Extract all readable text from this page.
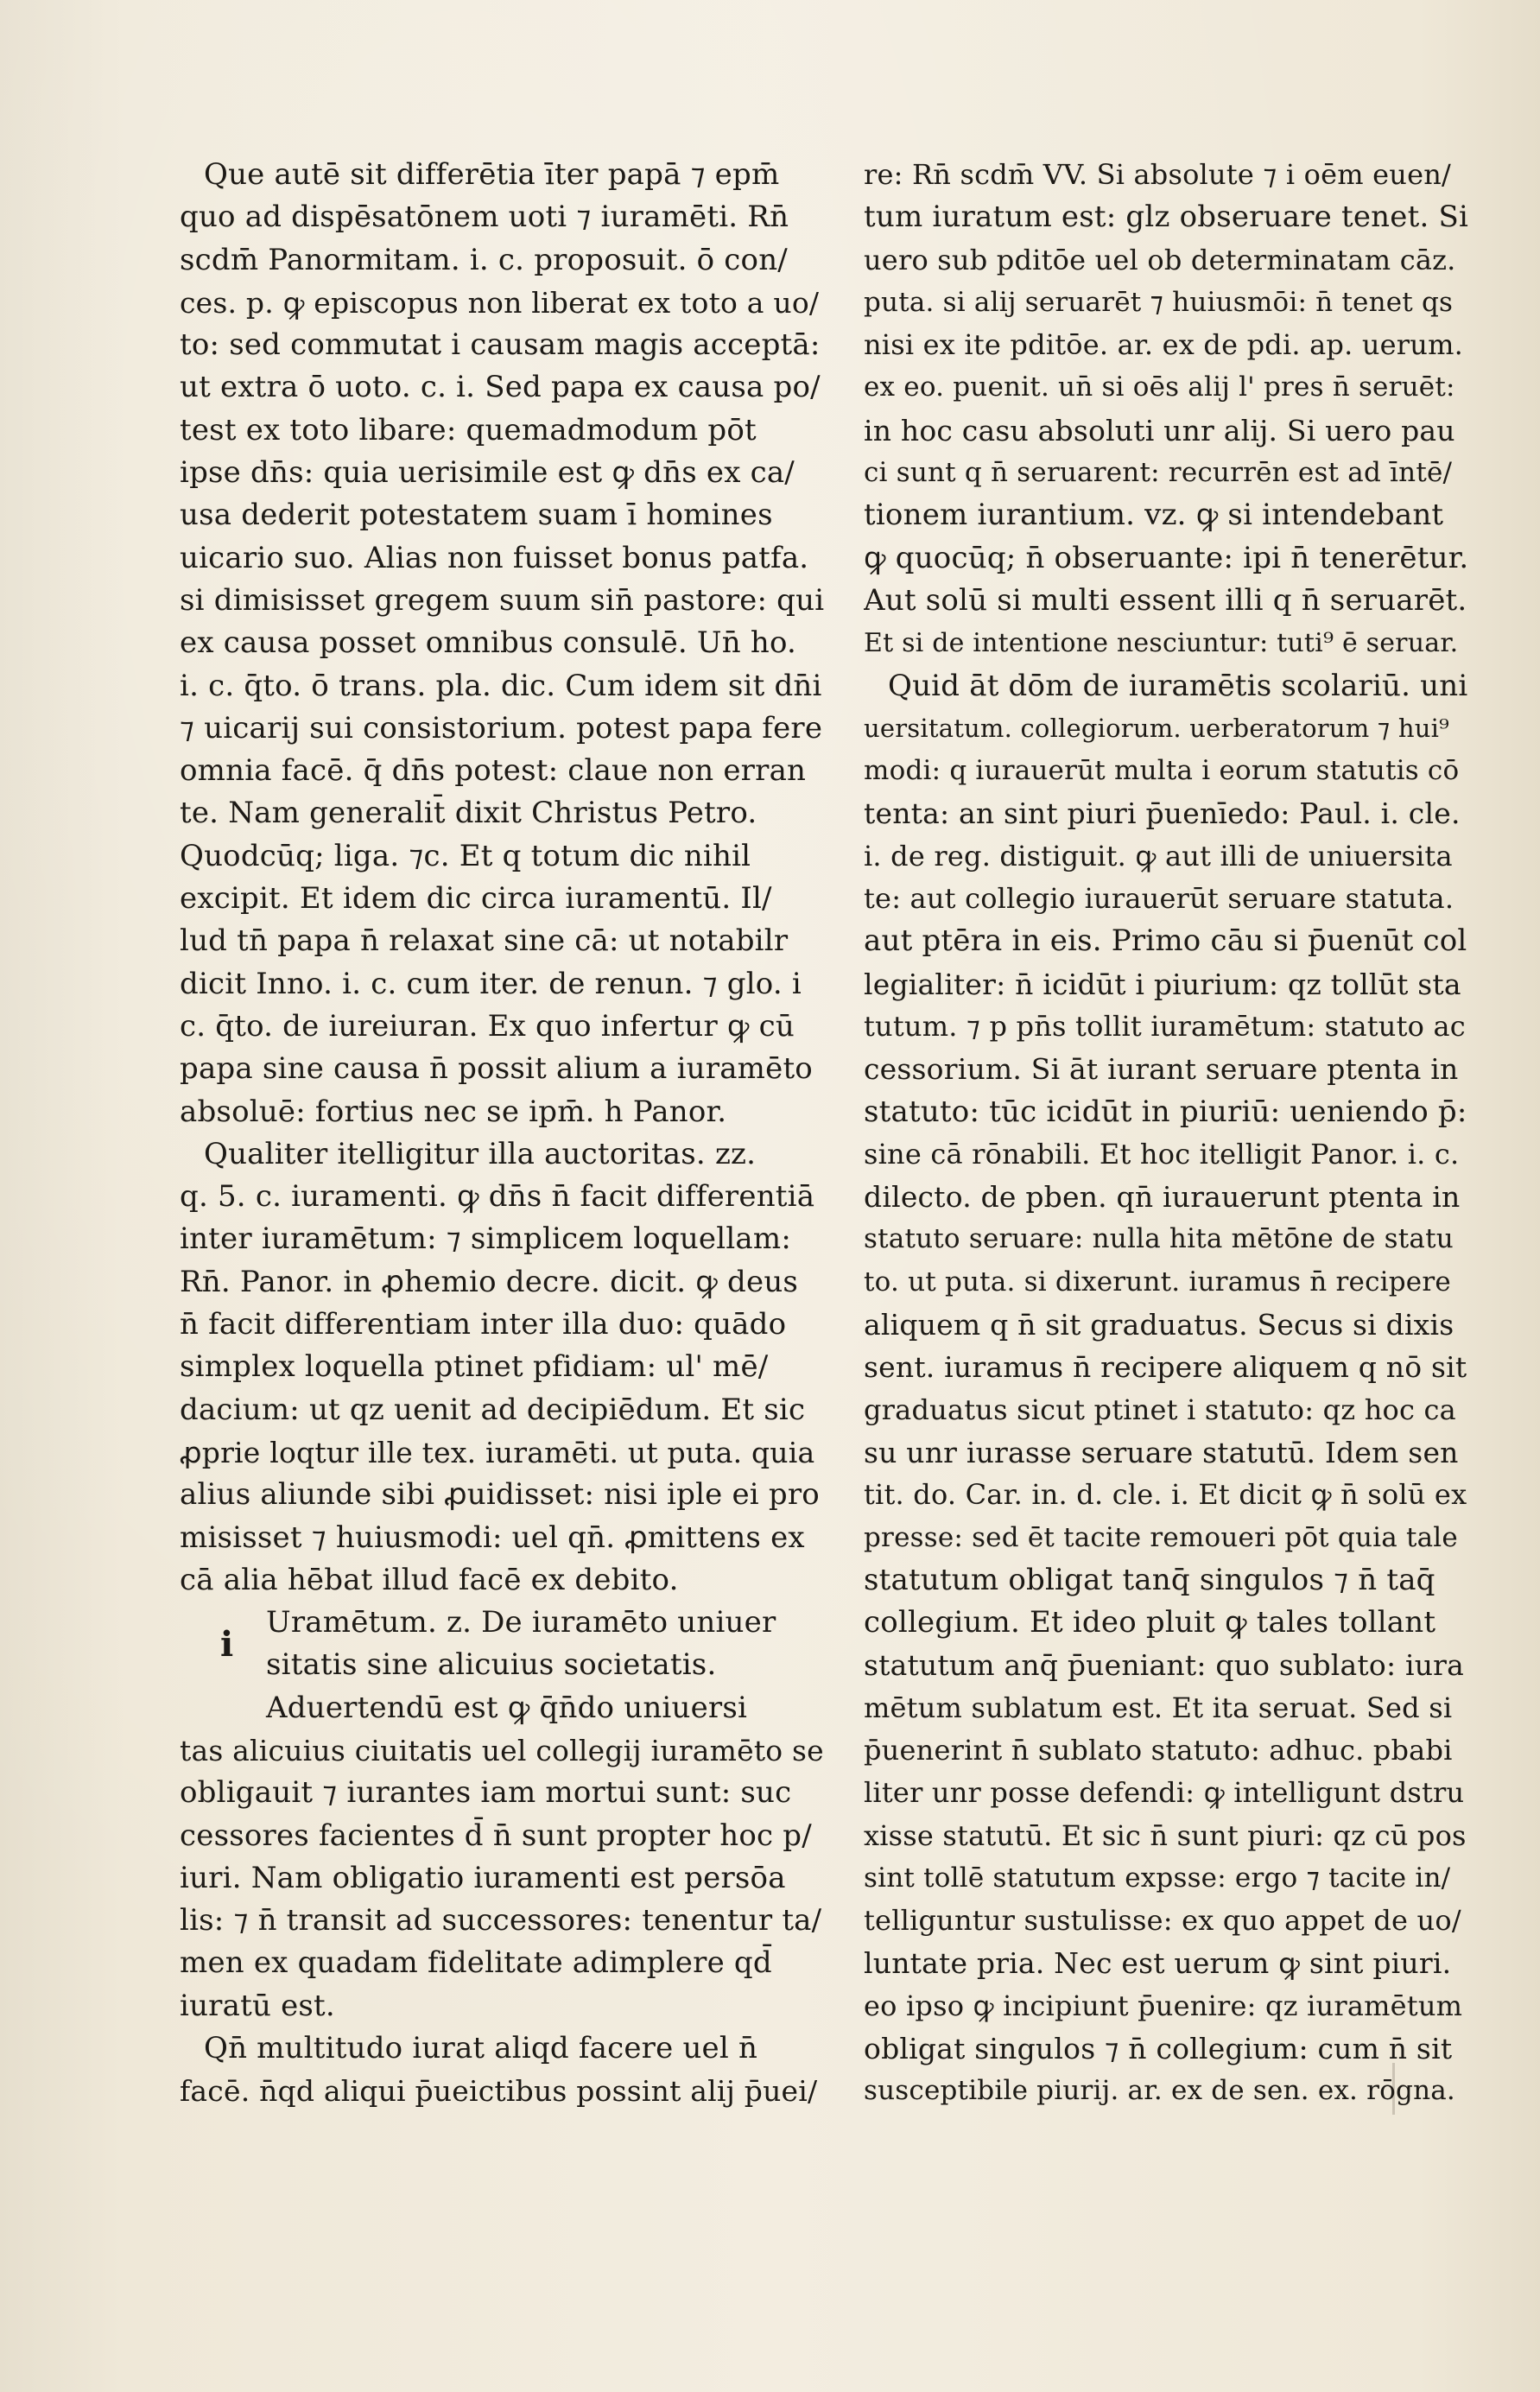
Que autē sit differētia īter papā ⁊ epm̄
quo ad dispēsatōnem uoti ⁊ iuramēti. Rn̄
scdm̄ Panormitam. i. c. proposuit. ō con/
ces. p. ꝙ episcopus non liberat ex toto a uo/
to: sed commutat i causam magis acceptā:
ut extra ō uoto. c. i. Sed papa ex causa po/
test ex toto libare: quemadmodum pōt
ipse dn̄s: quia uerisimile est ꝙ dn̄s ex ca/
usa dederit potestatem suam ī homines
uicario suo. Alias non fuisset bonus patfa.
si dimisisset gregem suum sin̄ pastore: qui
ex causa posset omnibus consulē. Un̄ ho.
i. c. q̄to. ō trans. pla. dic. Cum idem sit dn̄i
⁊ uicarij sui consistorium. potest papa fere
omnia facē. q̄ dn̄s potest: claue non erran
te. Nam generalit̄ dixit Christus Petro.
Quodcūq; liga. ⁊c. Et q totum dic nihil
excipit. Et idem dic circa iuramentū. Il/
lud tn̄ papa n̄ relaxat sine cā: ut notabilr
dicit Inno. i. c. cum iter. de renun. ⁊ glo. i
c. q̄to. de iureiuran. Ex quo infertur ꝙ cū
papa sine causa n̄ possit alium a iuramēto
absoluē: fortius nec se ipm̄. h Panor.
Qualiter itelligitur illa auctoritas. zz.
q. 5. c. iuramenti. ꝙ dn̄s n̄ facit differentiā
inter iuramētum: ⁊ simplicem loquellam:
Rn̄. Panor. in ꝓhemio decre. dicit. ꝙ deus
n̄ facit differentiam inter illa duo: quādo
simplex loquella ptinet pfidiam: ul' mē/
dacium: ut qz uenit ad decipiēdum. Et sic
ꝓprie loqtur ille tex. iuramēti. ut puta. quia
alius aliunde sibi ꝓuidisset: nisi iple ei pro
misisset ⁊ huiusmodi: uel qn̄. ꝓmittens ex
cā alia hēbat illud facē ex debito.
Uramētum. z. De iuramēto uniuer
sitatis sine alicuius societatis.
Aduertendū est ꝙ q̄n̄do uniuersi
tas alicuius ciuitatis uel collegij iuramēto se
obligauit ⁊ iurantes iam mortui sunt: suc
cessores facientes d̄ n̄ sunt propter hoc p/
iuri. Nam obligatio iuramenti est persōa
lis: ⁊ n̄ transit ad successores: tenentur ta/
men ex quadam fidelitate adimplere qd̄
iuratū est.
Qn̄ multitudo iurat aliqd facere uel n̄
facē. n̄qd aliqui p̄ueictibus possint alij p̄uei/
re: Rn̄ scdm̄ VV. Si absolute ⁊ i oēm euen/
tum iuratum est: glz obseruare tenet. Si
uero sub pditōe uel ob determinatam cāz.
puta. si alij seruarēt ⁊ huiusmōi: n̄ tenet qs
nisi ex ite pditōe. ar. ex de pdi. ap. uerum.
ex eo. puenit. un̄ si oēs alij l' pres n̄ seruēt:
in hoc casu absoluti unr alij. Si uero pau
ci sunt q n̄ seruarent: recurrēn est ad īntē/
tionem iurantium. vz. ꝙ si intendebant
ꝙ quocūq; n̄ obseruante: ipi n̄ tenerētur.
Aut solū si multi essent illi q n̄ seruarēt.
Et si de intentione nesciuntur: tuti⁹ ē seruar.
Quid āt dōm de iuramētis scolariū. uni
uersitatum. collegiorum. uerberatorum ⁊ hui⁹
modi: q iurauerūt multa i eorum statutis cō
tenta: an sint piuri p̄uenīedo: Paul. i. cle.
i. de reg. distiguit. ꝙ aut illi de uniuersita
te: aut collegio iurauerūt seruare statuta.
aut ptēra in eis. Primo cāu si p̄uenūt col
legialiter: n̄ icidūt i piurium: qz tollūt sta
tutum. ⁊ p pn̄s tollit iuramētum: statuto ac
cessorium. Si āt iurant seruare ptenta in
statuto: tūc icidūt in piuriū: ueniendo p̄:
sine cā rōnabili. Et hoc itelligit Panor. i. c.
dilecto. de pben. qn̄ iurauerunt ptenta in
statuto seruare: nulla hita mētōne de statu
to. ut puta. si dixerunt. iuramus n̄ recipere
aliquem q n̄ sit graduatus. Secus si dixis
sent. iuramus n̄ recipere aliquem q nō sit
graduatus sicut ptinet i statuto: qz hoc ca
su unr iurasse seruare statutū. Idem sen
tit. do. Car. in. d. cle. i. Et dicit ꝙ n̄ solū ex
presse: sed ēt tacite remoueri pōt quia tale
statutum obligat tanq̄ singulos ⁊ n̄ taq̄
collegium. Et ideo pluit ꝙ tales tollant
statutum anq̄ p̄ueniant: quo sublato: iura
mētum sublatum est. Et ita seruat. Sed si
p̄uenerint n̄ sublato statuto: adhuc. pbabi
liter unr posse defendi: ꝙ intelligunt dstru
xisse statutū. Et sic n̄ sunt piuri: qz cū pos
sint tollē statutum expsse: ergo ⁊ tacite in/
telliguntur sustulisse: ex quo appet de uo/
luntate pria. Nec est uerum ꝙ sint piuri.
eo ipso ꝙ incipiunt p̄uenire: qz iuramētum
obligat singulos ⁊ n̄ collegium: cum n̄ sit
susceptibile piurij. ar. ex de sen. ex. rōgna.
i
